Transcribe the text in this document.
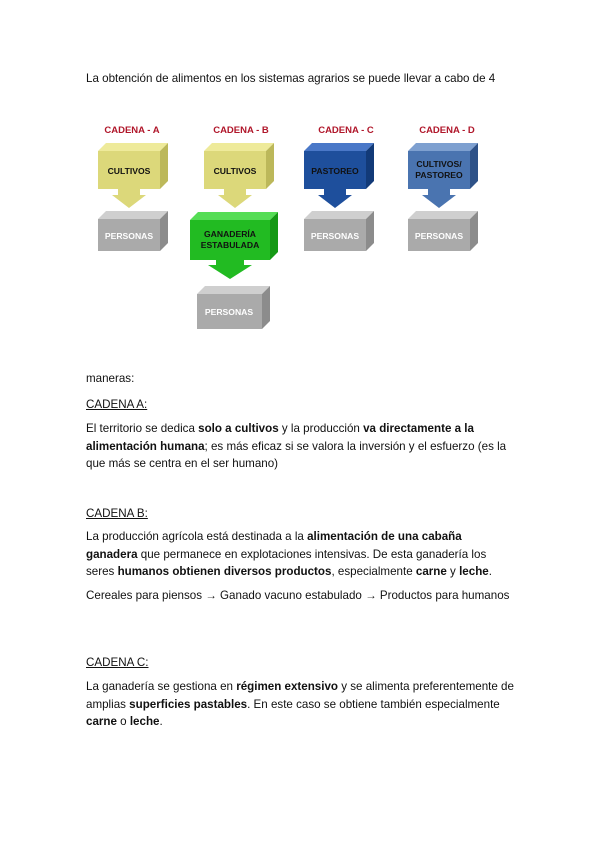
La obtención de alimentos en los sistemas agrarios se puede llevar a cabo de 4

CADENA - A
CULTIVOS
PERSONAS
CADENA - B
CULTIVOS
GANADERÍA
ESTABULADA
PERSONAS
CADENA - C
PASTOREO
PERSONAS
CADENA - D
CULTIVOS/
PASTOREO
PERSONAS

maneras:

CADENA A:

El territorio se dedica solo a cultivos y la producción va directamente a la alimentación humana; es más eficaz si se valora la inversión y el esfuerzo (es la que más se centra en el ser humano)

CADENA B:

La producción agrícola está destinada a la alimentación de una cabaña ganadera que permanece en explotaciones intensivas. De esta ganadería los seres humanos obtienen diversos productos, especialmente carne y leche.

Cereales para piensos → Ganado vacuno estabulado → Productos para humanos

CADENA C:

La ganadería se gestiona en régimen extensivo y se alimenta preferentemente de amplias superficies pastables. En este caso se obtiene también especialmente carne o leche.
